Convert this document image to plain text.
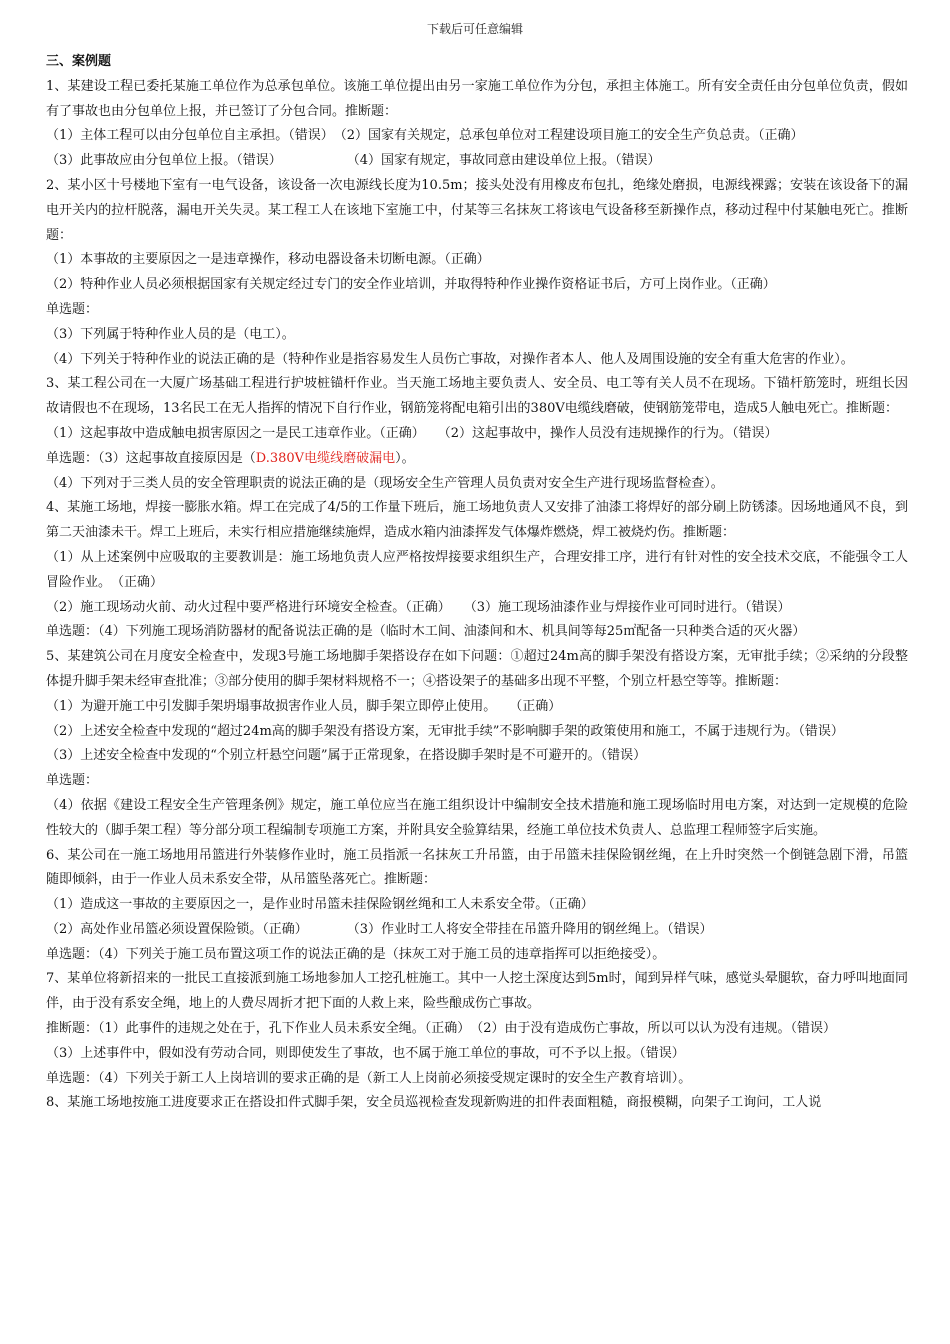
下载后可任意编辑

三、案例题

1、某建设工程已委托某施工单位作为总承包单位。该施工单位提出由另一家施工单位作为分包，承担主体施工。所有安全责任由分包单位负责，假如有了事故也由分包单位上报，并已签订了分包合同。推断题：

（1）主体工程可以由分包单位自主承担。（错误）　（2）国家有关规定，总承包单位对工程建设项目施工的安全生产负总责。（正确）

（3）此事故应由分包单位上报。（错误）　　　　　　（4）国家有规定，事故同意由建设单位上报。（错误）

2、某小区十号楼地下室有一电气设备，该设备一次电源线长度为10.5m；接头处没有用橡皮布包扎，绝缘处磨损，电源线裸露；安装在该设备下的漏电开关内的拉杆脱落，漏电开关失灵。某工程工人在该地下室施工中，付某等三名抹灰工将该电气设备移至新操作点，移动过程中付某触电死亡。推断题：

（1）本事故的主要原因之一是违章操作，移动电器设备未切断电源。（正确）

（2）特种作业人员必须根据国家有关规定经过专门的安全作业培训，并取得特种作业操作资格证书后，方可上岗作业。（正确）

单选题：

（3）下列属于特种作业人员的是（电工）。

（4）下列关于特种作业的说法正确的是（特种作业是指容易发生人员伤亡事故，对操作者本人、他人及周围设施的安全有重大危害的作业）。

3、某工程公司在一大厦广场基础工程进行护坡桩锚杆作业。当天施工场地主要负责人、安全员、电工等有关人员不在现场。下锚杆筋笼时，班组长因故请假也不在现场，13名民工在无人指挥的情况下自行作业，钢筋笼将配电箱引出的380V电缆线磨破，使钢筋笼带电，造成5人触电死亡。推断题：

（1）这起事故中造成触电损害原因之一是民工违章作业。（正确）　　（2）这起事故中，操作人员没有违规操作的行为。（错误）

单选题：（3）这起事故直接原因是（D.380V电缆线磨破漏电）。

（4）下列对于三类人员的安全管理职责的说法正确的是（现场安全生产管理人员负责对安全生产进行现场监督检查）。

4、某施工场地，焊接一膨胀水箱。焊工在完成了4/5的工作量下班后，施工场地负责人又安排了油漆工将焊好的部分刷上防锈漆。因场地通风不良，到第二天油漆未干。焊工上班后，未实行相应措施继续施焊，造成水箱内油漆挥发气体爆炸燃烧，焊工被烧灼伤。推断题：

（1）从上述案例中应吸取的主要教训是：施工场地负责人应严格按焊接要求组织生产，合理安排工序，进行有针对性的安全技术交底，不能强令工人冒险作业。　（正确）

（2）施工现场动火前、动火过程中要严格进行环境安全检查。（正确）　　（3）施工现场油漆作业与焊接作业可同时进行。（错误）

单选题：（4）下列施工现场消防器材的配备说法正确的是（临时木工间、油漆间和木、机具间等每25㎡配备一只种类合适的灭火器）

5、某建筑公司在月度安全检查中，发现3号施工场地脚手架搭设存在如下问题：①超过24m高的脚手架没有搭设方案，无审批手续；②采纳的分段整体提升脚手架未经审查批准；③部分使用的脚手架材料规格不一；④搭设架子的基础多出现不平整，个别立杆悬空等等。推断题：

（1）为避开施工中引发脚手架坍塌事故损害作业人员，脚手架立即停止使用。　　（正确）

（2）上述安全检查中发现的“超过24m高的脚手架没有搭设方案，无审批手续”不影响脚手架的政策使用和施工，不属于违规行为。（错误）

（3）上述安全检查中发现的“个别立杆悬空问题”属于正常现象，在搭设脚手架时是不可避开的。（错误）

单选题：

（4）依据《建设工程安全生产管理条例》规定，施工单位应当在施工组织设计中编制安全技术措施和施工现场临时用电方案，对达到一定规模的危险性较大的（脚手架工程）等分部分项工程编制专项施工方案，并附具安全验算结果，经施工单位技术负责人、总监理工程师签字后实施。

6、某公司在一施工场地用吊篮进行外装修作业时，施工员指派一名抹灰工升吊篮，由于吊篮未挂保险钢丝绳，在上升时突然一个倒链急剧下滑，吊篮随即倾斜，由于一作业人员未系安全带，从吊篮坠落死亡。推断题：

（1）造成这一事故的主要原因之一，是作业时吊篮未挂保险钢丝绳和工人未系安全带。（正确）

（2）高处作业吊篮必须设置保险锁。（正确）　　　　（3）作业时工人将安全带挂在吊篮升降用的钢丝绳上。（错误）

单选题：（4）下列关于施工员布置这项工作的说法正确的是（抹灰工对于施工员的违章指挥可以拒绝接受）。

7、某单位将新招来的一批民工直接派到施工场地参加人工挖孔桩施工。其中一人挖土深度达到5m时，闻到异样气味，感觉头晕腿软，奋力呼叫地面同伴，由于没有系安全绳，地上的人费尽周折才把下面的人救上来，险些酿成伤亡事故。

推断题：（1）此事件的违规之处在于，孔下作业人员未系安全绳。（正确）　（2）由于没有造成伤亡事故，所以可以认为没有违规。（错误）

（3）上述事件中，假如没有劳动合同，则即使发生了事故，也不属于施工单位的事故，可不予以上报。（错误）

单选题：（4）下列关于新工人上岗培训的要求正确的是（新工人上岗前必须接受规定课时的安全生产教育培训）。

8、某施工场地按施工进度要求正在搭设扣件式脚手架，安全员巡视检查发现新购进的扣件表面粗糙，商报模糊，向架子工询问，工人说
